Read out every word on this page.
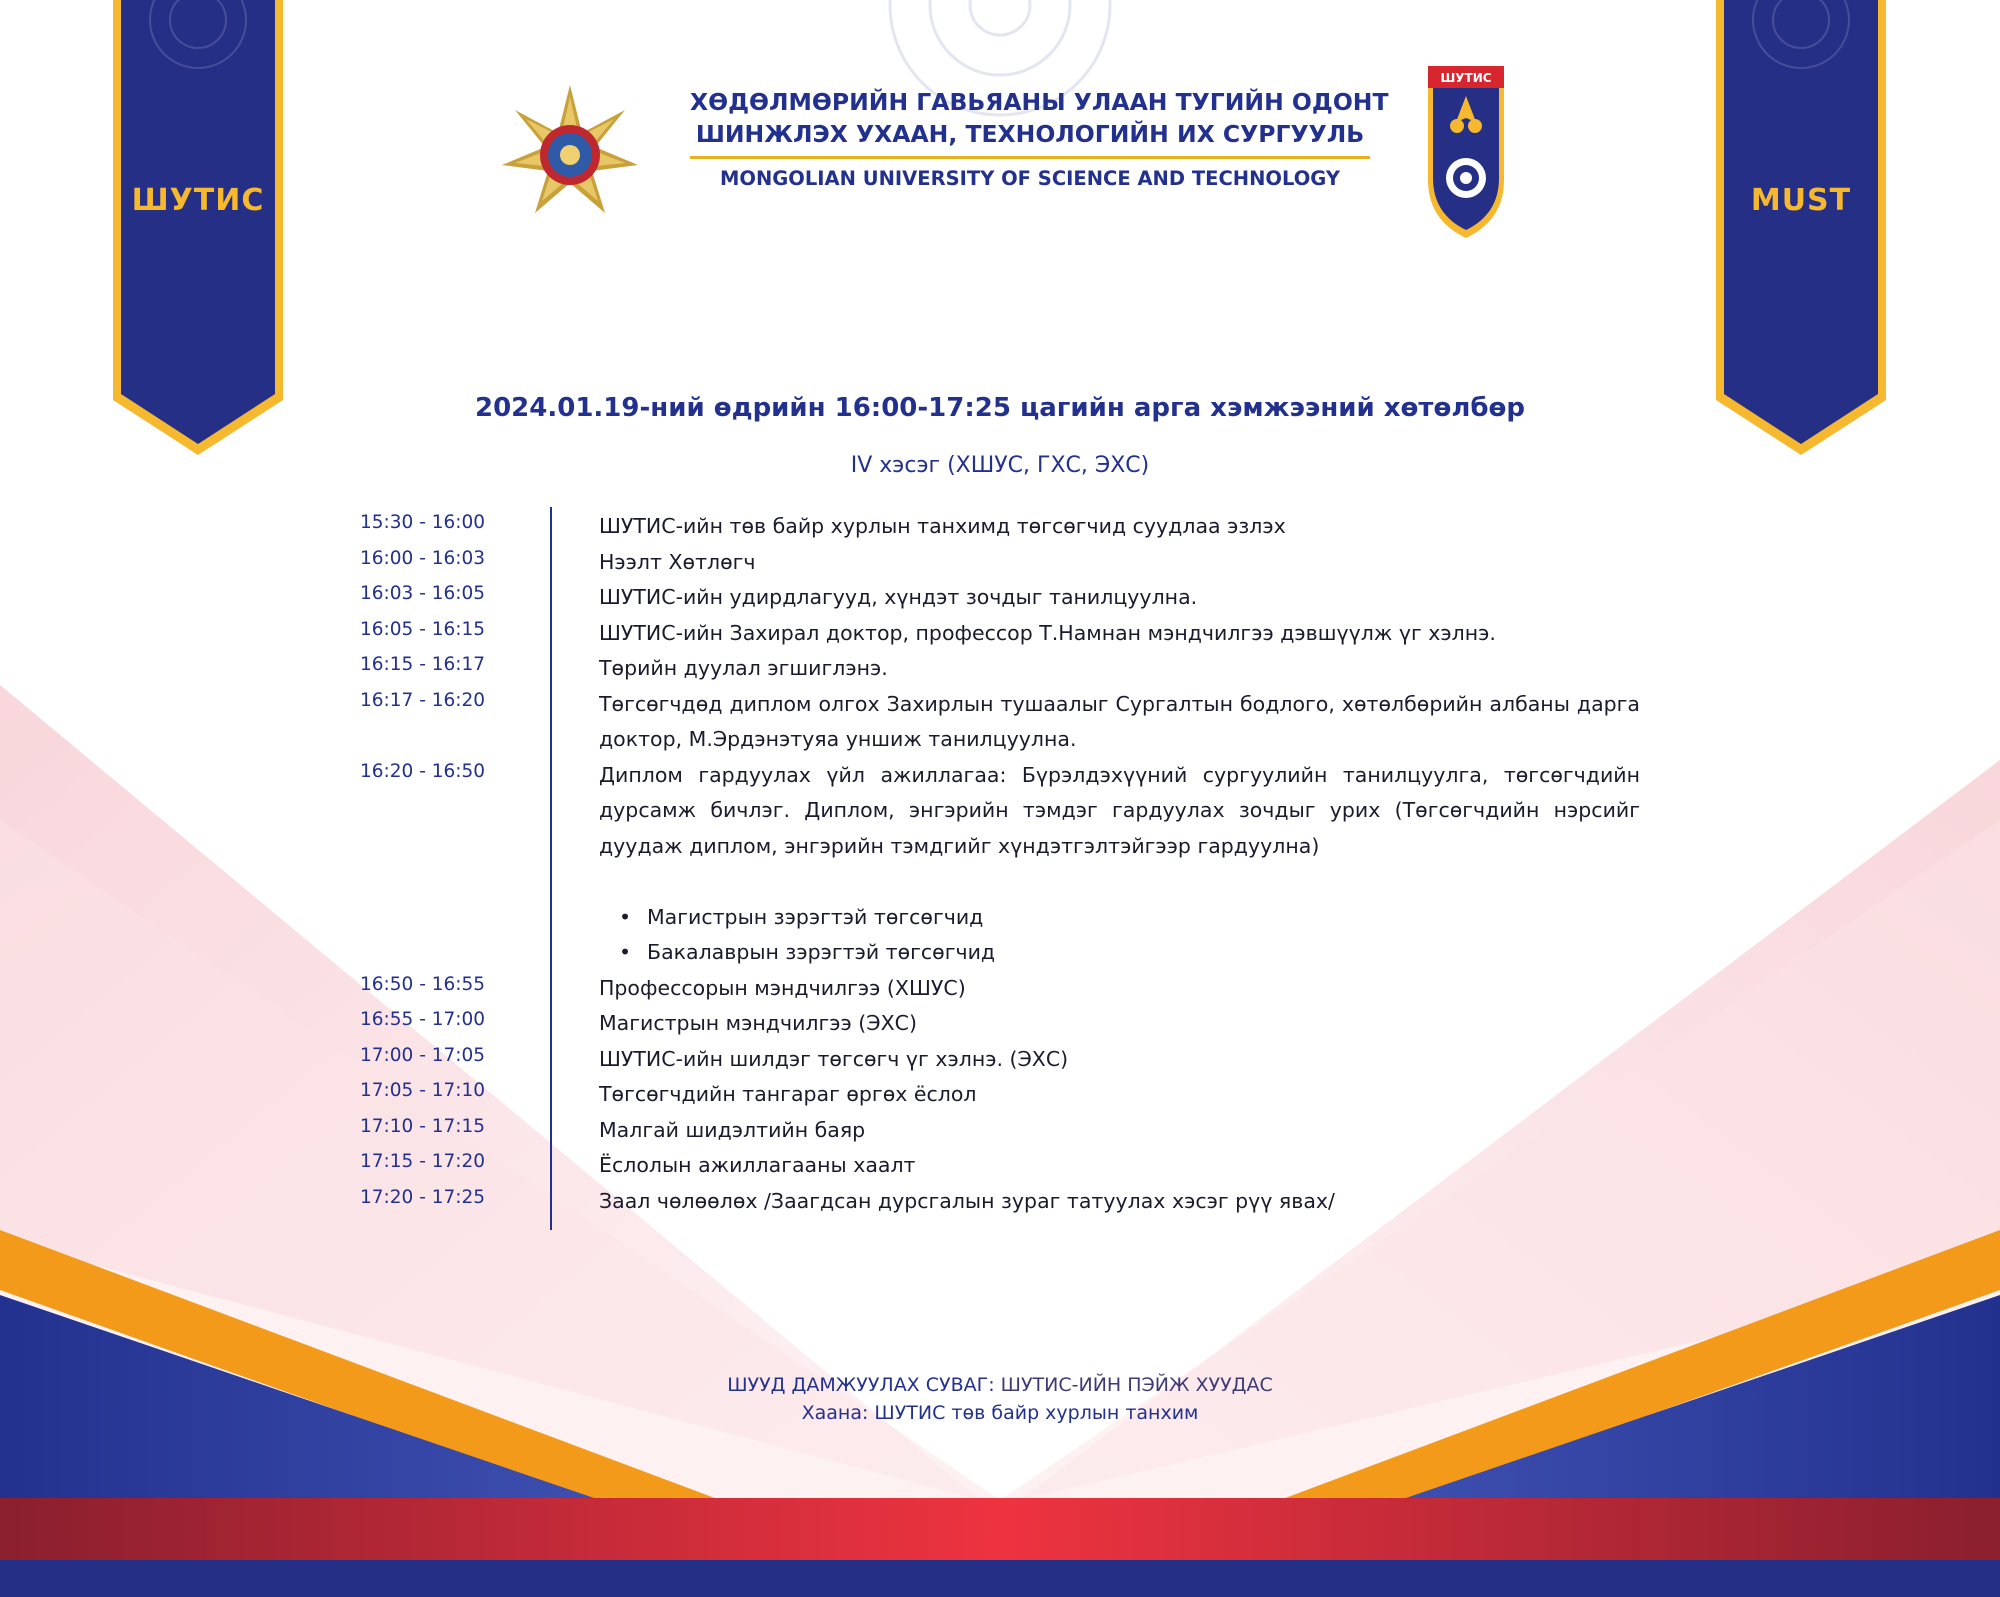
ШУТИС	MUST
ХӨДӨЛМӨРИЙН ГАВЬЯАНЫ УЛААН ТУГИЙН ОДОНТ
ШИНЖЛЭХ УХААН, ТЕХНОЛОГИЙН ИХ СУРГУУЛЬ
MONGOLIAN UNIVERSITY OF SCIENCE AND TECHNOLOGY
ШУТИС
2024.01.19-ний өдрийн 16:00-17:25 цагийн арга хэмжээний хөтөлбөр
IV хэсэг (ХШУС, ГХС, ЭХС)
15:30 - 16:00	ШУТИС-ийн төв байр хурлын танхимд төгсөгчид суудлаа эзлэх
16:00 - 16:03	Нээлт Хөтлөгч
16:03 - 16:05	ШУТИС-ийн удирдлагууд, хүндэт зочдыг танилцуулна.
16:05 - 16:15	ШУТИС-ийн Захирал доктор, профессор Т.Намнан мэндчилгээ дэвшүүлж үг хэлнэ.
16:15 - 16:17	Төрийн дуулал эгшиглэнэ.
16:17 - 16:20	Төгсөгчдөд диплом олгох Захирлын тушаалыг Сургалтын бодлого, хөтөлбөрийн албаны дарга доктор, М.Эрдэнэтуяа уншиж танилцуулна.
16:20 - 16:50	Диплом гардуулах үйл ажиллагаа: Бүрэлдэхүүний сургуулийн танилцуулга, төгсөгчдийн дурсамж бичлэг. Диплом, энгэрийн тэмдэг гардуулах зочдыг урих (Төгсөгчдийн нэрсийг дуудаж диплом, энгэрийн тэмдгийг хүндэтгэлтэйгээр гардуулна)
• Магистрын зэрэгтэй төгсөгчид
• Бакалаврын зэрэгтэй төгсөгчид
16:50 - 16:55	Профессорын мэндчилгээ (ХШУС)
16:55 - 17:00	Магистрын мэндчилгээ (ЭХС)
17:00 - 17:05	ШУТИС-ийн шилдэг төгсөгч үг хэлнэ. (ЭХС)
17:05 - 17:10	Төгсөгчдийн тангараг өргөх ёслол
17:10 - 17:15	Малгай шидэлтийн баяр
17:15 - 17:20	Ёслолын ажиллагааны хаалт
17:20 - 17:25	Заал чөлөөлөх /Заагдсан дурсгалын зураг татуулах хэсэг рүү явах/
ШУУД ДАМЖУУЛАХ СУВАГ: ШУТИС-ИЙН ПЭЙЖ ХУУДАС
Хаана: ШУТИС төв байр хурлын танхим
